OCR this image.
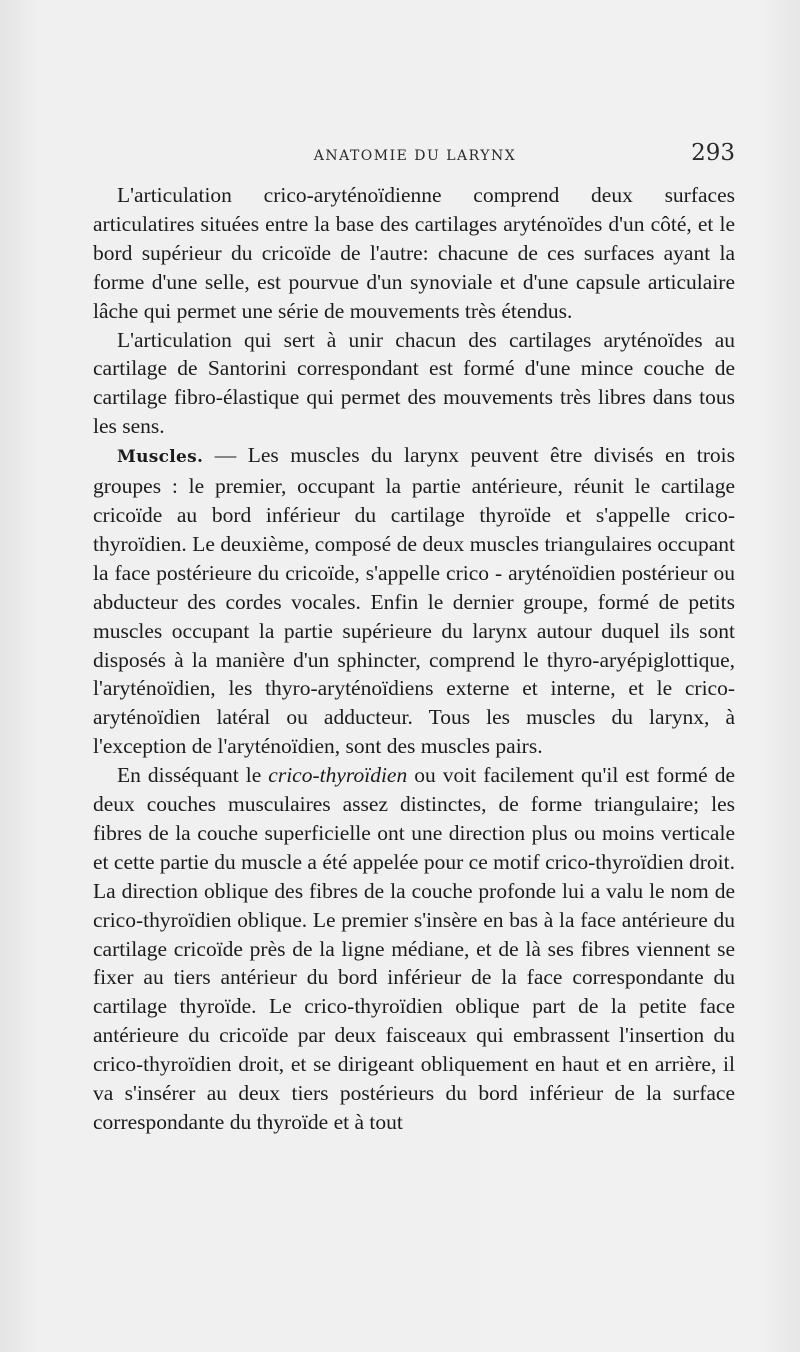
ANATOMIE DU LARYNX	293

L'articulation crico-aryténoïdienne comprend deux surfaces articulatires situées entre la base des cartilages aryténoïdes d'un côté, et le bord supérieur du cricoïde de l'autre: chacune de ces surfaces ayant la forme d'une selle, est pourvue d'un synoviale et d'une capsule articulaire lâche qui permet une série de mouvements très étendus.

L'articulation qui sert à unir chacun des cartilages aryténoïdes au cartilage de Santorini correspondant est formé d'une mince couche de cartilage fibro-élastique qui permet des mouvements très libres dans tous les sens.

Muscles. — Les muscles du larynx peuvent être divisés en trois groupes : le premier, occupant la partie antérieure, réunit le cartilage cricoïde au bord inférieur du cartilage thyroïde et s'appelle crico-thyroïdien. Le deuxième, composé de deux muscles triangulaires occupant la face postérieure du cricoïde, s'appelle crico - aryténoïdien postérieur ou abducteur des cordes vocales. Enfin le dernier groupe, formé de petits muscles occupant la partie supérieure du larynx autour duquel ils sont disposés à la manière d'un sphincter, comprend le thyro-aryépiglottique, l'aryténoïdien, les thyro-aryténoïdiens externe et interne, et le crico-aryténoïdien latéral ou adducteur. Tous les muscles du larynx, à l'exception de l'aryténoïdien, sont des muscles pairs.

En disséquant le crico-thyroïdien ou voit facilement qu'il est formé de deux couches musculaires assez distinctes, de forme triangulaire; les fibres de la couche superficielle ont une direction plus ou moins verticale et cette partie du muscle a été appelée pour ce motif crico-thyroïdien droit. La direction oblique des fibres de la couche profonde lui a valu le nom de crico-thyroïdien oblique. Le premier s'insère en bas à la face antérieure du cartilage cricoïde près de la ligne médiane, et de là ses fibres viennent se fixer au tiers antérieur du bord inférieur de la face correspondante du cartilage thyroïde. Le crico-thyroïdien oblique part de la petite face antérieure du cricoïde par deux faisceaux qui embrassent l'insertion du crico-thyroïdien droit, et se dirigeant obliquement en haut et en arrière, il va s'insérer au deux tiers postérieurs du bord inférieur de la surface correspondante du thyroïde et à tout
